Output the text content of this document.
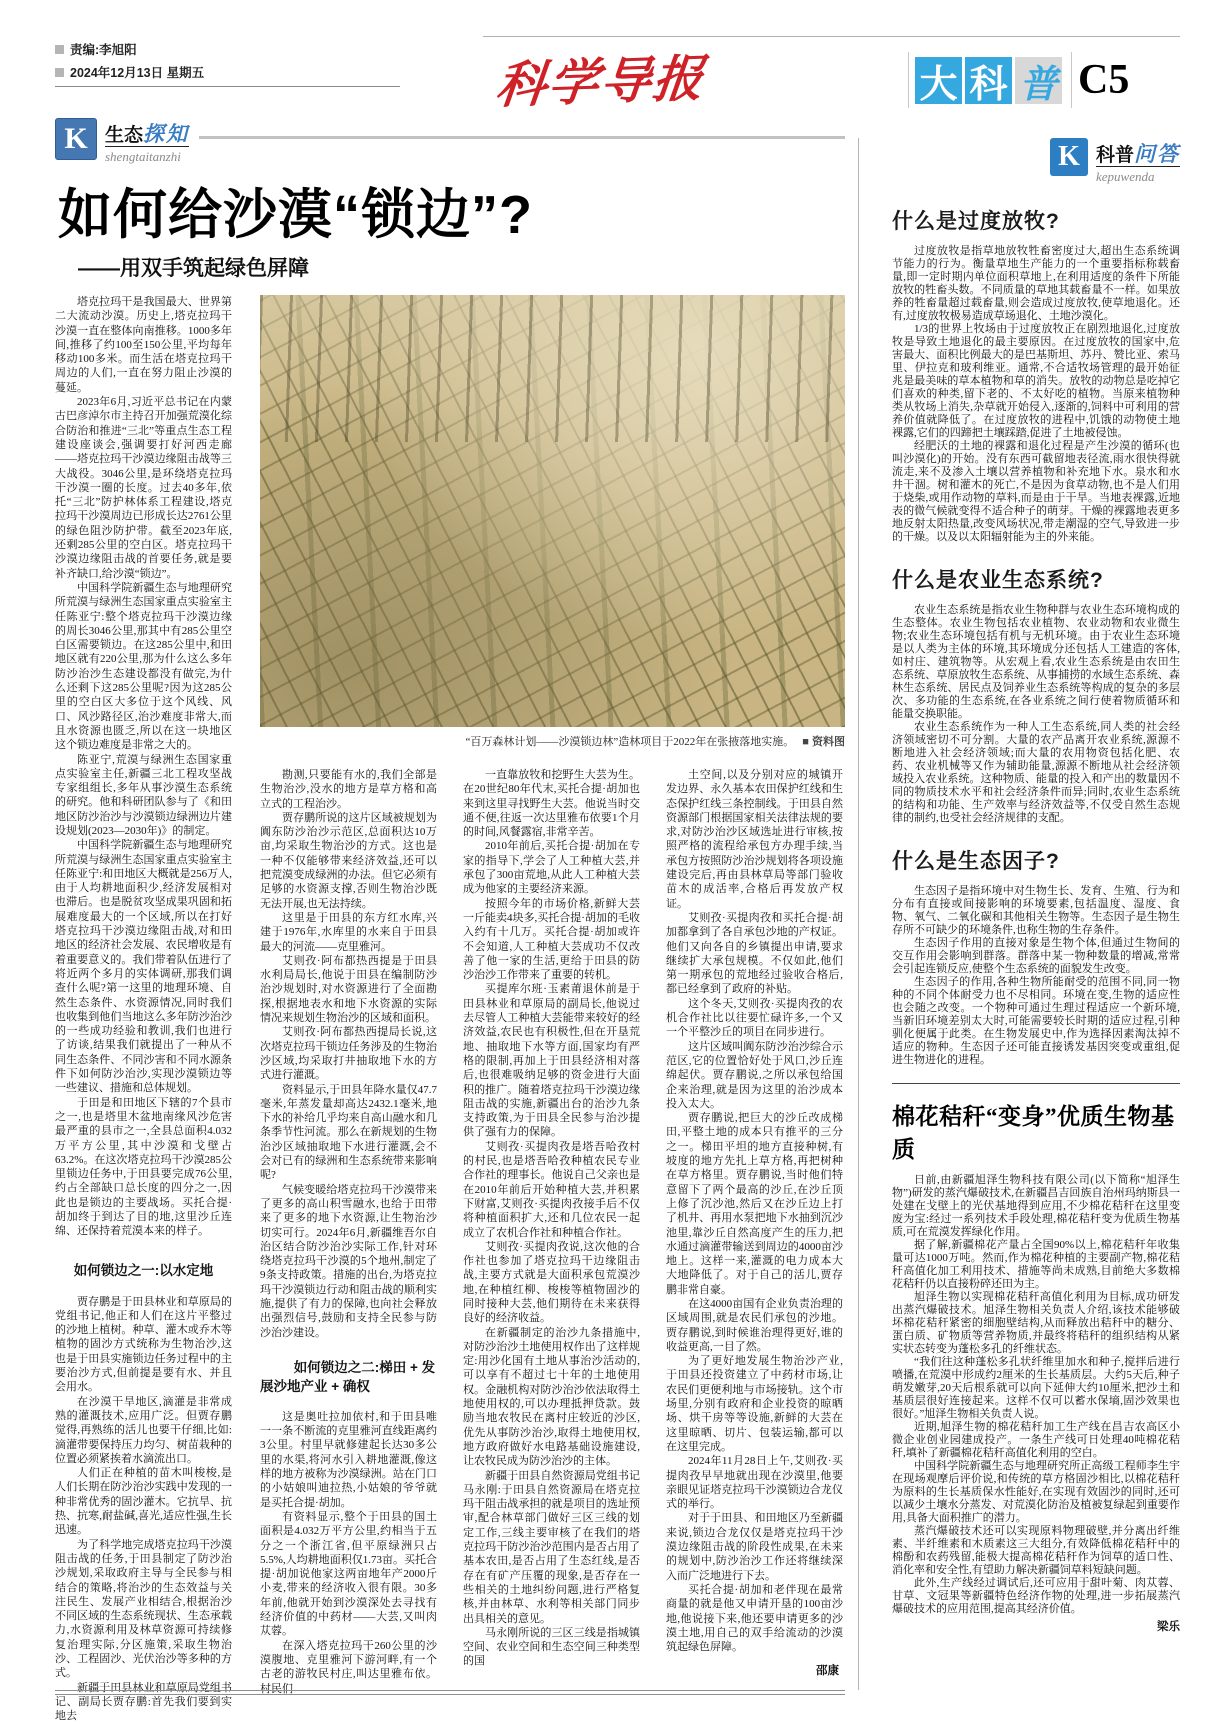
责编:李旭阳
2024年12月13日 星期五	科学导报	大 科 普 C5
K 生态探知
shengtaitanzhi
如何给沙漠“锁边”?
——用双手筑起绿色屏障
“百万森林计划——沙漠锁边林”造林项目于2022年在张掖落地实施。 ■ 资料图

塔克拉玛干是我国最大、世界第二大流动沙漠。历史上,塔克拉玛干沙漠一直在整体向南推移。1000多年间,推移了约100至150公里,平均每年移动100多米。而生活在塔克拉玛干周边的人们,一直在努力阻止沙漠的蔓延。

2023年6月,习近平总书记在内蒙古巴彦淖尔市主持召开加强荒漠化综合防治和推进“三北”等重点生态工程建设座谈会,强调要打好河西走廊——塔克拉玛干沙漠边缘阻击战等三大战役。3046公里,是环绕塔克拉玛干沙漠一圈的长度。过去40多年,依托“三北”防护林体系工程建设,塔克拉玛干沙漠周边已形成长达2761公里的绿色阻沙防护带。截至2023年底,还剩285公里的空白区。塔克拉玛干沙漠边缘阻击战的首要任务,就是要补齐缺口,给沙漠“锁边”。

中国科学院新疆生态与地理研究所荒漠与绿洲生态国家重点实验室主任陈亚宁:整个塔克拉玛干沙漠边缘的周长3046公里,那其中有285公里空白区需要锁边。在这285公里中,和田地区就有220公里,那为什么这么多年防沙治沙生态建设都没有做完,为什么还剩下这285公里呢?因为这285公里的空白区大多位于这个风线、风口、风沙路径区,治沙难度非常大,而且水资源也匮乏,所以在这一块地区这个锁边难度是非常之大的。

陈亚宁,荒漠与绿洲生态国家重点实验室主任,新疆三北工程攻坚战专家组组长,多年从事沙漠生态系统的研究。他和科研团队参与了《和田地区防沙治沙与沙漠锁边绿洲边片建设规划(2023—2030年)》的制定。

中国科学院新疆生态与地理研究所荒漠与绿洲生态国家重点实验室主任陈亚宁:和田地区大概就是256万人,由于人均耕地面积少,经济发展相对也滞后。也是脱贫攻坚成果巩固和拓展难度最大的一个区域,所以在打好塔克拉玛干沙漠边缘阻击战,对和田地区的经济社会发展、农民增收是有着重要意义的。我们带着队伍进行了将近两个多月的实体调研,那我们调查什么呢?第一这里的地理环境、自然生态条件、水资源情况,同时我们也收集到他们当地这么多年防沙治沙的一些成功经验和教训,我们也进行了访谈,结果我们就提出了一种从不同生态条件、不同沙害和不同水源条件下如何防沙治沙,实现沙漠锁边等一些建议、措施和总体规划。

于田是和田地区下辖的7个县市之一,也是塔里木盆地南缘风沙危害最严重的县市之一,全县总面积4.032万平方公里,其中沙漠和戈壁占63.2%。在这次塔克拉玛干沙漠285公里锁边任务中,于田县要完成76公里,约占全部缺口总长度的四分之一,因此也是锁边的主要战场。买托合提·胡加终于到达了目的地,这里沙丘连绵、还保持着荒漠本来的样子。

如何锁边之一:以水定地

贾存鹏是于田县林业和草原局的党组书记,他正和人们在这片平整过的沙地上植树。种草、灌木或乔木等植物的固沙方式统称为生物治沙,这也是于田县实施锁边任务过程中的主要治沙方式,但前提是要有水、并且会用水。

在沙漠干旱地区,滴灌是非常成熟的灌溉技术,应用广泛。但贾存鹏觉得,再熟练的活儿也要干仔细,比如:滴灌带要保持压力均匀、树苗栽种的位置必须紧挨着水滴流出口。

人们正在种植的苗木叫梭梭,是人们长期在防沙治沙实践中发现的一种非常优秀的固沙灌木。它抗旱、抗热、抗寒,耐盐碱,喜光,适应性强,生长迅速。

为了科学地完成塔克拉玛干沙漠阻击战的任务,于田县制定了防沙治沙规划,采取政府主导与全民参与相结合的策略,将治沙的生态效益与关注民生、发展产业相结合,根据治沙不同区域的生态系统现状、生态承载力,水资源利用及林草资源可持续修复治理实际,分区施策,采取生物治沙、工程固沙、光伏治沙等多种的方式。

新疆于田县林业和草原局党组书记、副局长贾存鹏:首先我们要到实地去

勘测,只要能有水的,我们全部是生物治沙,没水的地方是草方格和高立式的工程治沙。

贾存鹏所说的这片区域被规划为阗东防沙治沙示范区,总面积达10万亩,均采取生物治沙的方式。这也是一种不仅能够带来经济效益,还可以把荒漠变成绿洲的办法。但它必须有足够的水资源支撑,否则生物治沙既无法开展,也无法持续。

这里是于田县的东方红水库,兴建于1976年,水库里的水来自于田县最大的河流——克里雅河。

艾则孜·阿布都热西提是于田县水利局局长,他说于田县在编制防沙治沙规划时,对水资源进行了全面勘探,根据地表水和地下水资源的实际情况来规划生物治沙的区域和面积。

艾则孜·阿布都热西提局长说,这次塔克拉玛干锁边任务涉及的生物治沙区域,均采取打井抽取地下水的方式进行灌溉。

资料显示,于田县年降水量仅47.7毫米,年蒸发量却高达2432.1毫米,地下水的补给几乎均来自高山融水和几条季节性河流。那么在新规划的生物治沙区域抽取地下水进行灌溉,会不会对已有的绿洲和生态系统带来影响呢?

气候变暖给塔克拉玛干沙漠带来了更多的高山积雪融水,也给于田带来了更多的地下水资源,让生物治沙切实可行。2024年6月,新疆维吾尔自治区结合防沙治沙实际工作,针对环绕塔克拉玛干沙漠的5个地州,制定了9条支持政策。措施的出台,为塔克拉玛干沙漠锁边行动和阻击战的顺利实施,提供了有力的保障,也向社会释放出强烈信号,鼓励和支持全民参与防沙治沙建设。

如何锁边之二:梯田 + 发展沙地产业 + 确权

这是奥吐拉加依村,和于田县唯一一条不断流的克里雅河直线距离约3公里。村里早就修建起长达30多公里的水渠,将河水引入耕地灌溉,像这样的地方被称为沙漠绿洲。站在门口的小姑娘叫迪拉热,小姑娘的爷爷就是买托合提·胡加。

有资料显示,整个于田县的国土面积是4.032万平方公里,约相当于五分之一个浙江省,但平原绿洲只占5.5%,人均耕地面积仅1.73亩。买托合提·胡加说他家这两亩地年产2000斤小麦,带来的经济收入很有限。30多年前,他就开始到沙漠深处去寻找有经济价值的中药材——大芸,又叫肉苁蓉。

在深入塔克拉玛干260公里的沙漠腹地、克里雅河下游河畔,有一个古老的游牧民村庄,叫达里雅布依。村民们

一直靠放牧和挖野生大芸为生。在20世纪80年代末,买托合提·胡加也来到这里寻找野生大芸。他说当时交通不便,往返一次达里雅布依要1个月的时间,风餐露宿,非常辛苦。

2010年前后,买托合提·胡加在专家的指导下,学会了人工种植大芸,并承包了300亩荒地,从此人工种植大芸成为他家的主要经济来源。

按照今年的市场价格,新鲜大芸一斤能卖4块多,买托合提·胡加的毛收入约有十几万。买托合提·胡加或许不会知道,人工种植大芸成功不仅改善了他一家的生活,更给于田县的防沙治沙工作带来了重要的转机。

买提库尔班·玉素莆退休前是于田县林业和草原局的副局长,他说过去尽管人工种植大芸能带来较好的经济效益,农民也有积极性,但在开垦荒地、抽取地下水等方面,国家均有严格的限制,再加上于田县经济相对落后,也很难吸纳足够的资金进行大面积的推广。随着塔克拉玛干沙漠边缘阻击战的实施,新疆出台的治沙九条支持政策,为于田县全民参与治沙提供了强有力的保障。

艾则孜·买提肉孜是塔吾哈孜村的村民,也是塔吾哈孜种植农民专业合作社的理事长。他说自己父亲也是在2010年前后开始种植大芸,并积累下财富,艾则孜·买提肉孜接手后不仅将种植面积扩大,还和几位农民一起成立了农机合作社和种植合作社。

艾则孜·买提肉孜说,这次他的合作社也参加了塔克拉玛干边缘阻击战,主要方式就是大面积承包荒漠沙地,在种植红柳、梭梭等植物固沙的同时接种大芸,他们期待在未来获得良好的经济收益。

在新疆制定的治沙九条措施中,对防沙治沙土地使用权作出了这样规定:用沙化国有土地从事治沙活动的,可以享有不超过七十年的土地使用权。金融机构对防沙治沙依法取得土地使用权的,可以办理抵押贷款。鼓励当地农牧民在离村庄较近的沙区,优先从事防沙治沙,取得土地使用权,地方政府做好水电路基础设施建设,让农牧民成为防沙治沙的主体。

新疆于田县自然资源局党组书记马永刚:于田县自然资源局在塔克拉玛干阻击战承担的就是项目的选址预审,配合林草部门做好三区三线的划定工作,三线主要审核了在我们的塔克拉玛干防沙治沙范围内是否占用了基本农田,是否占用了生态红线,是否存在有矿产压覆的现象,是否存在一些相关的土地纠纷问题,进行严格复核,并由林草、水利等相关部门同步出具相关的意见。

马永刚所说的三区三线是指城镇空间、农业空间和生态空间三种类型的国

土空间,以及分别对应的城镇开发边界、永久基本农田保护红线和生态保护红线三条控制线。于田县自然资源部门根据国家相关法律法规的要求,对防沙治沙区域选址进行审核,按照严格的流程给承包方办理手续,当承包方按照防沙治沙规划将各项设施建设完后,再由县林草局等部门验收苗木的成活率,合格后再发放产权证。

艾则孜·买提肉孜和买托合提·胡加都拿到了各自承包沙地的产权证。他们又向各自的乡镇提出申请,要求继续扩大承包规模。不仅如此,他们第一期承包的荒地经过验收合格后,都已经拿到了政府的补贴。

这个冬天,艾则孜·买提肉孜的农机合作社比以往要忙碌许多,一个又一个平整沙丘的项目在同步进行。

这片区域叫阗东防沙治沙综合示范区,它的位置恰好处于风口,沙丘连绵起伏。贾存鹏说,之所以承包给国企来治理,就是因为这里的治沙成本投入太大。

贾存鹏说,把巨大的沙丘改成梯田,平整土地的成本只有推平的三分之一。梯田平坦的地方直接种树,有坡度的地方先扎上草方格,再把树种在草方格里。贾存鹏说,当时他们特意留下了两个最高的沙丘,在沙丘顶上修了沉沙池,然后又在沙丘边上打了机井、再用水泵把地下水抽到沉沙池里,靠沙丘自然高度产生的压力,把水通过滴灌带输送到周边的4000亩沙地上。这样一来,灌溉的电力成本大大地降低了。对于自己的活儿,贾存鹏非常自豪。

在这4000亩国有企业负责治理的区域周围,就是农民们承包的沙地。贾存鹏说,到时候谁治理得更好,谁的收益更高,一目了然。

为了更好地发展生物治沙产业,于田县还投资建立了中药材市场,让农民们更便利地与市场接轨。这个市场里,分别有政府和企业投资的晾晒场、烘干房等等设施,新鲜的大芸在这里晾晒、切片、包装运输,都可以在这里完成。

2024年11月28日上午,艾则孜·买提肉孜早早地就出现在沙漠里,他要亲眼见证塔克拉玛干沙漠锁边合龙仪式的举行。

对于于田县、和田地区乃至新疆来说,锁边合龙仅仅是塔克拉玛干沙漠边缘阻击战的阶段性成果,在未来的规划中,防沙治沙工作还将继续深入而广泛地进行下去。

买托合提·胡加和老伴现在最常商量的就是他又申请开垦的100亩沙地,他说接下来,他还要申请更多的沙漠土地,用自己的双手给流动的沙漠筑起绿色屏障。

邵康
K 科普问答
kepuwenda
什么是过度放牧?

过度放牧是指草地放牧牲畜密度过大,超出生态系统调节能力的行为。衡量草地生产能力的一个重要指标称载畜量,即一定时期内单位面积草地上,在利用适度的条件下所能放牧的牲畜头数。不同质量的草地其载畜量不一样。如果放养的牲畜量超过载畜量,则会造成过度放牧,使草地退化。还有,过度放牧极易造成草场退化、土地沙漠化。

1/3的世界上牧场由于过度放牧正在剧烈地退化,过度放牧是导致土地退化的最主要原因。在过度放牧的国家中,危害最大、面积比例最大的是巴基斯坦、苏丹、赞比亚、索马里、伊拉克和玻利维亚。通常,不合适牧场管理的最开始征兆是最美味的草本植物和草的消失。放牧的动物总是吃掉它们喜欢的种类,留下老的、不太好吃的植物。当原来植物种类从牧场上消失,杂草就开始侵入,逐渐的,饲料中可利用的营养价值就降低了。在过度放牧的进程中,饥饿的动物使土地裸露,它们的四蹄把土壤踩踏,促进了土地被侵蚀。

经肥沃的土地的裸露和退化过程是产生沙漠的循环(也叫沙漠化)的开始。没有东西可截留地表径流,雨水很快得就流走,来不及渗入土壤以营养植物和补充地下水。泉水和水井干涸。树和灌木的死亡,不是因为食草动物,也不是人们用于烧柴,或用作动物的草料,而是由于干旱。当地表裸露,近地表的微气候就变得不适合种子的萌芽。干燥的裸露地表更多地反射太阳热量,改变风场状况,带走潮湿的空气,导致进一步的干燥。以及以太阳辐射能为主的外来能。

什么是农业生态系统?

农业生态系统是指农业生物种群与农业生态环境构成的生态整体。农业生物包括农业植物、农业动物和农业微生物;农业生态环境包括有机与无机环境。由于农业生态环境是以人类为主体的环境,其环境成分还包括人工建造的客体,如村庄、建筑物等。从宏观上看,农业生态系统是由农田生态系统、草原放牧生态系统、从事捕捞的水域生态系统、森林生态系统、居民点及饲养业生态系统等构成的复杂的多层次、多功能的生态系统,在各业系统之间行使着物质循环和能量交换职能。

农业生态系统作为一种人工生态系统,同人类的社会经济领域密切不可分割。大量的农产品离开农业系统,源源不断地进入社会经济领域;而大量的农用物资包括化肥、农药、农业机械等又作为辅助能量,源源不断地从社会经济领域投入农业系统。这种物质、能量的投入和产出的数量因不同的物质技术水平和社会经济条件而异;同时,农业生态系统的结构和功能、生产效率与经济效益等,不仅受自然生态规律的制约,也受社会经济规律的支配。

什么是生态因子?

生态因子是指环境中对生物生长、发育、生殖、行为和分布有直接或间接影响的环境要素,包括温度、湿度、食物、氧气、二氧化碳和其他相关生物等。生态因子是生物生存所不可缺少的环境条件,也称生物的生存条件。

生态因子作用的直接对象是生物个体,但通过生物间的交互作用会影响到群落。群落中某一物种数量的增减,常常会引起连锁反应,使整个生态系统的面貌发生改变。

生态因子的作用,各种生物所能耐受的范围不同,同一物种的不同个体耐受力也不尽相同。环境在变,生物的适应性也会随之改变。一个物种可通过生理过程适应一个新环境,当新旧环境差别太大时,可能需要较长时期的适应过程,引种驯化便属于此类。在生物发展史中,作为选择因素淘汰掉不适应的物种。生态因子还可能直接诱发基因突变或重组,促进生物进化的进程。

棉花秸秆“变身”优质生物基质

日前,由新疆旭泽生物科技有限公司(以下简称“旭泽生物”)研发的蒸汽爆破技术,在新疆昌吉回族自治州玛纳斯县一处建在戈壁上的光伏基地得到应用,不少棉花秸秆在这里变废为宝:经过一系列技术手段处理,棉花秸秆变为优质生物基质,可在荒漠发挥绿化作用。

据了解,新疆棉花产量占全国90%以上,棉花秸秆年收集量可达1000万吨。然而,作为棉花种植的主要副产物,棉花秸秆高值化加工利用技术、措施等尚未成熟,目前绝大多数棉花秸秆仍以直接粉碎还田为主。

旭泽生物以实现棉花秸秆高值化利用为目标,成功研发出蒸汽爆破技术。旭泽生物相关负责人介绍,该技术能够破坏棉花秸秆紧密的细胞壁结构,从而释放出秸秆中的糖分、蛋白质、矿物质等营养物质,并最终将秸秆的组织结构从紧实状态转变为蓬松多孔的纤维状态。

“我们往这种蓬松多孔状纤维里加水和种子,搅拌后进行喷播,在荒漠中形成约2厘米的生长基质层。大约5天后,种子萌发嫩芽,20天后根系就可以向下延伸大约10厘米,把沙土和基质层很好连接起来。这样不仅可以蓄水保墒,固沙效果也很好。”旭泽生物相关负责人说。

近期,旭泽生物的棉花秸秆加工生产线在昌吉农高区小微企业创业园建成投产。一条生产线可日处理40吨棉花秸秆,填补了新疆棉花秸秆高值化利用的空白。

中国科学院新疆生态与地理研究所正高级工程师李生宇在现场观摩后评价说,和传统的草方格固沙相比,以棉花秸秆为原料的生长基质保水性能好,在实现有效固沙的同时,还可以减少土壤水分蒸发、对荒漠化防治及植被复绿起到重要作用,具备大面积推广的潜力。

蒸汽爆破技术还可以实现原料物理破壁,并分离出纤维素、半纤维素和木质素这三大组分,有效降低棉花秸秆中的棉酚和农药残留,能极大提高棉花秸秆作为饲草的适口性、消化率和安全性,有望助力解决新疆饲草料短缺问题。

此外,生产线经过调试后,还可应用于甜叶菊、肉苁蓉、甘草、文冠果等新疆特色经济作物的处理,进一步拓展蒸汽爆破技术的应用范围,提高其经济价值。

梁乐
